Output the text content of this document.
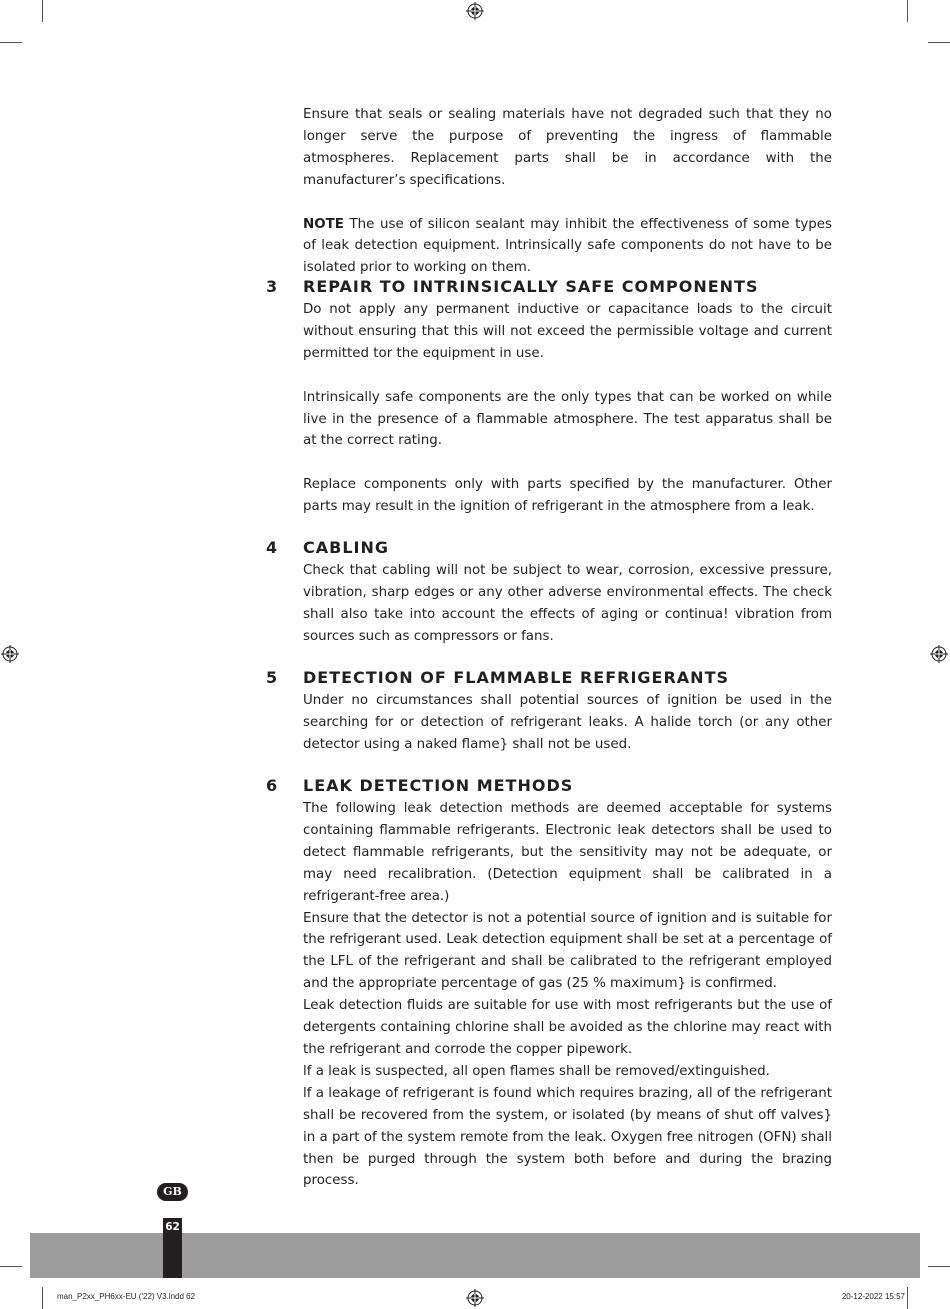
Ensure that seals or sealing materials have not degraded such that they no longer serve the purpose of preventing the ingress of flammable atmospheres. Replacement parts shall be in accordance with the manufacturer’s specifications.

NOTE The use of silicon sealant may inhibit the effectiveness of some types of leak detection equipment. lntrinsically safe components do not have to be isolated prior to working on them.

3 REPAIR TO INTRINSICALLY SAFE COMPONENTS

Do not apply any permanent inductive or capacitance loads to the circuit without ensuring that this will not exceed the permissible voltage and current permitted tor the equipment in use.

lntrinsically safe components are the only types that can be worked on while live in the presence of a flammable atmosphere. The test apparatus shall be at the correct rating.

Replace components only with parts specified by the manufacturer. Other parts may result in the ignition of refrigerant in the atmosphere from a leak.

4 CABLING

Check that cabling will not be subject to wear, corrosion, excessive pressure, vibration, sharp edges or any other adverse environmental effects. The check shall also take into account the effects of aging or continua! vibration from sources such as compressors or fans.

5 DETECTION OF FLAMMABLE REFRIGERANTS

Under no circumstances shall potential sources of ignition be used in the searching for or detection of refrigerant leaks. A halide torch (or any other detector using a naked flame} shall not be used.

6 LEAK DETECTION METHODS

The following leak detection methods are deemed acceptable for systems containing flammable refrigerants. Electronic leak detectors shall be used to detect flammable refrigerants, but the sensitivity may not be adequate, or may need recalibration. (Detection equipment shall be calibrated in a refrigerant-free area.)

Ensure that the detector is not a potential source of ignition and is suitable for the refrigerant used. Leak detection equipment shall be set at a percentage of the LFL of the refrigerant and shall be calibrated to the refrigerant employed and the appropriate percentage of gas (25 % maximum} is confirmed.

Leak detection fluids are suitable for use with most refrigerants but the use of detergents containing chlorine shall be avoided as the chlorine may react with the refrigerant and corrode the copper pipework.

lf a leak is suspected, all open flames shall be removed/extinguished.

lf a leakage of refrigerant is found which requires brazing, all of the refrigerant shall be recovered from the system, or isolated (by means of shut off valves} in a part of the system remote from the leak. Oxygen free nitrogen (OFN) shall then be purged through the system both before and during the brazing process.

GB
62
man_P2xx_PH6xx-EU ('22) V3.indd 62	20-12-2022 15:57
